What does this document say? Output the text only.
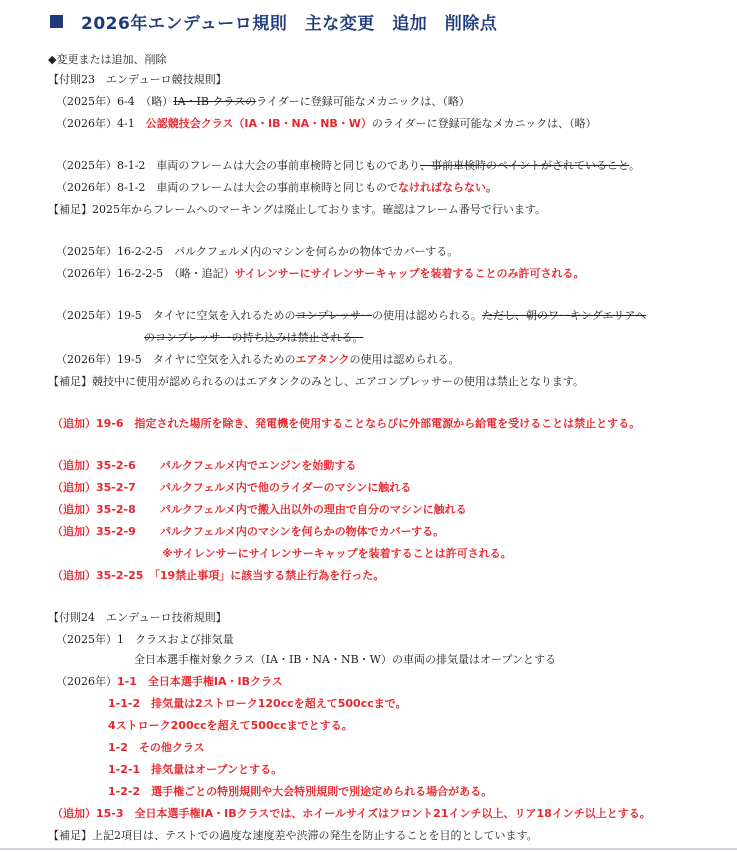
2026年エンデューロ規則　主な変更　追加　削除点
◆変更または追加、削除
【付則23　エンデューロ競技規則】
（2025年）6-4　（略）IA・IB クラスのライダーに登録可能なメカニックは、（略）
（2026年）4-1　公認競技会クラス（IA・IB・NA・NB・W）のライダーに登録可能なメカニックは、（略）
（2025年）8-1-2　車両のフレームは大会の事前車検時と同じものであり、事前車検時のペイントがされていること。
（2026年）8-1-2　車両のフレームは大会の事前車検時と同じものでなければならない。
【補足】2025年からフレームへのマーキングは廃止しております。確認はフレーム番号で行います。
（2025年）16-2-2-5　パルクフェルメ内のマシンを何らかの物体でカバーする。
（2026年）16-2-2-5　（略・追記）サイレンサーにサイレンサーキャップを装着することのみ許可される。
（2025年）19-5　タイヤに空気を入れるためのコンプレッサーの使用は認められる。ただし、朝のワーキングエリアへ
のコンプレッサーの持ち込みは禁止される。
（2026年）19-5　タイヤに空気を入れるためのエアタンクの使用は認められる。
【補足】競技中に使用が認められるのはエアタンクのみとし、エアコンプレッサーの使用は禁止となります。
（追加）19-6　指定された場所を除き、発電機を使用することならびに外部電源から給電を受けることは禁止とする。
（追加）35-2-6 パルクフェルメ内でエンジンを始動する
（追加）35-2-7 パルクフェルメ内で他のライダーのマシンに触れる
（追加）35-2-8 パルクフェルメ内で搬入出以外の理由で自分のマシンに触れる
（追加）35-2-9 パルクフェルメ内のマシンを何らかの物体でカバーする。
※サイレンサーにサイレンサーキャップを装着することは許可される。
（追加）35-2-25　「19禁止事項」に該当する禁止行為を行った。
【付則24　エンデューロ技術規則】
（2025年）1　クラスおよび排気量
全日本選手権対象クラス（IA・IB・NA・NB・W）の車両の排気量はオープンとする
（2026年）1-1　全日本選手権IA・IBクラス
1-1-2　排気量は2ストローク120ccを超えて500ccまで。
4ストローク200ccを超えて500ccまでとする。
1-2　その他クラス
1-2-1　排気量はオープンとする。
1-2-2　選手権ごとの特別規則や大会特別規則で別途定められる場合がある。
（追加）15-3　全日本選手権IA・IBクラスでは、ホイールサイズはフロント21インチ以上、リア18インチ以上とする。
【補足】上記2項目は、テストでの過度な速度差や渋滞の発生を防止することを目的としています。
